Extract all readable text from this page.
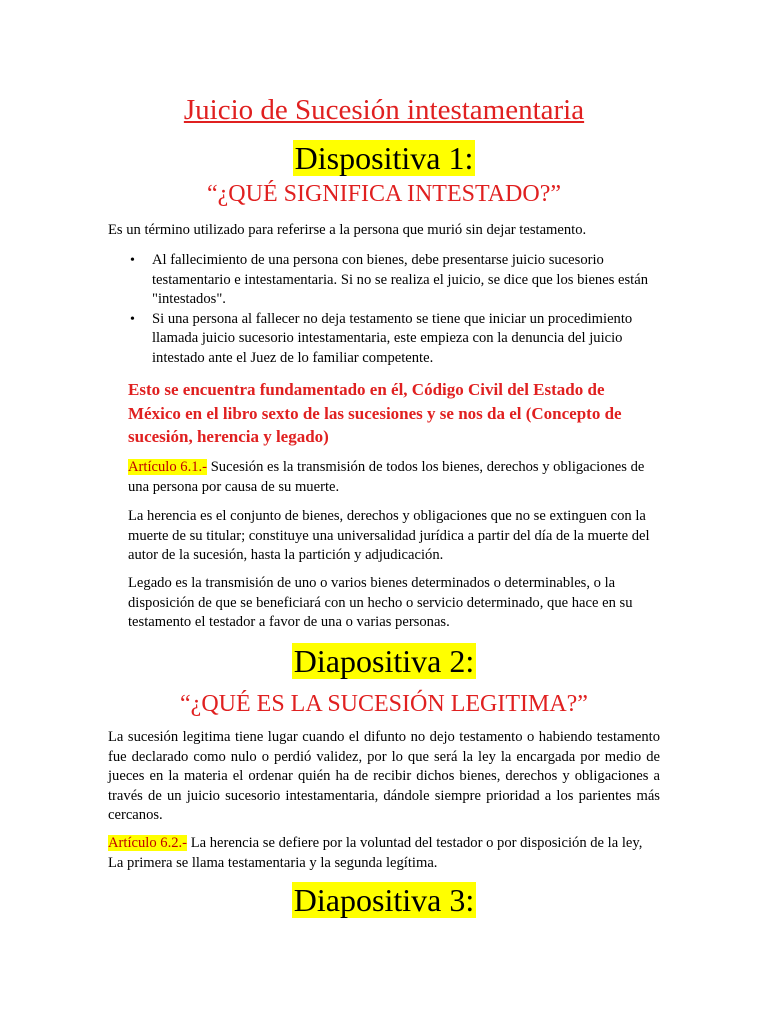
Juicio de Sucesión intestamentaria
Dispositiva 1:
“¿QUÉ SIGNIFICA INTESTADO?”

Es un término utilizado para referirse a la persona que murió sin dejar testamento.

• Al fallecimiento de una persona con bienes, debe presentarse juicio sucesorio testamentario e intestamentaria. Si no se realiza el juicio, se dice que los bienes están "intestados".
• Si una persona al fallecer no deja testamento se tiene que iniciar un procedimiento llamada juicio sucesorio intestamentaria, este empieza con la denuncia del juicio intestado ante el Juez de lo familiar competente.

Esto se encuentra fundamentado en él, Código Civil del Estado de México en el libro sexto de las sucesiones y se nos da el (Concepto de sucesión, herencia y legado)

Artículo 6.1.- Sucesión es la transmisión de todos los bienes, derechos y obligaciones de una persona por causa de su muerte.

La herencia es el conjunto de bienes, derechos y obligaciones que no se extinguen con la muerte de su titular; constituye una universalidad jurídica a partir del día de la muerte del autor de la sucesión, hasta la partición y adjudicación.

Legado es la transmisión de uno o varios bienes determinados o determinables, o la disposición de que se beneficiará con un hecho o servicio determinado, que hace en su testamento el testador a favor de una o varias personas.

Diapositiva 2:
“¿QUÉ ES LA SUCESIÓN LEGITIMA?”

La sucesión legitima tiene lugar cuando el difunto no dejo testamento o habiendo testamento fue declarado como nulo o perdió validez, por lo que será la ley la encargada por medio de jueces en la materia el ordenar quién ha de recibir dichos bienes, derechos y obligaciones a través de un juicio sucesorio intestamentaria, dándole siempre prioridad a los parientes más cercanos.

Artículo 6.2.- La herencia se defiere por la voluntad del testador o por disposición de la ley, La primera se llama testamentaria y la segunda legítima.

Diapositiva 3:
